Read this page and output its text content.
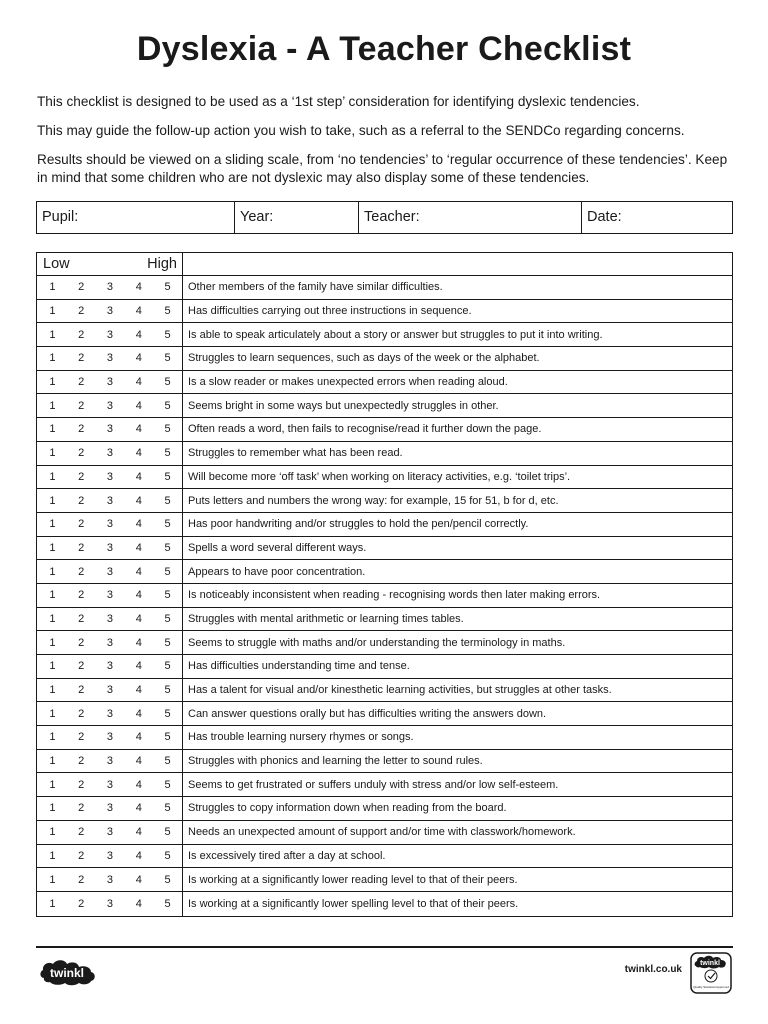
Dyslexia - A Teacher Checklist

This checklist is designed to be used as a ‘1st step’ consideration for identifying dyslexic tendencies.

This may guide the follow-up action you wish to take, such as a referral to the SENDCo regarding concerns.

Results should be viewed on a sliding scale, from ‘no tendencies’ to ‘regular occurrence of these tendencies’. Keep in mind that some children who are not dyslexic may also display some of these tendencies.

Pupil:	Year:	Teacher:	Date:
Low	High
1	2	3	4	5	Other members of the family have similar difficulties.
1	2	3	4	5	Has difficulties carrying out three instructions in sequence.
1	2	3	4	5	Is able to speak articulately about a story or answer but struggles to put it into writing.
1	2	3	4	5	Struggles to learn sequences, such as days of the week or the alphabet.
1	2	3	4	5	Is a slow reader or makes unexpected errors when reading aloud.
1	2	3	4	5	Seems bright in some ways but unexpectedly struggles in other.
1	2	3	4	5	Often reads a word, then fails to recognise/read it further down the page.
1	2	3	4	5	Struggles to remember what has been read.
1	2	3	4	5	Will become more ‘off task’ when working on literacy activities, e.g. ‘toilet trips’.
1	2	3	4	5	Puts letters and numbers the wrong way: for example, 15 for 51, b for d, etc.
1	2	3	4	5	Has poor handwriting and/or struggles to hold the pen/pencil correctly.
1	2	3	4	5	Spells a word several different ways.
1	2	3	4	5	Appears to have poor concentration.
1	2	3	4	5	Is noticeably inconsistent when reading - recognising words then later making errors.
1	2	3	4	5	Struggles with mental arithmetic or learning times tables.
1	2	3	4	5	Seems to struggle with maths and/or understanding the terminology in maths.
1	2	3	4	5	Has difficulties understanding time and tense.
1	2	3	4	5	Has a talent for visual and/or kinesthetic learning activities, but struggles at other tasks.
1	2	3	4	5	Can answer questions orally but has difficulties writing the answers down.
1	2	3	4	5	Has trouble learning nursery rhymes or songs.
1	2	3	4	5	Struggles with phonics and learning the letter to sound rules.
1	2	3	4	5	Seems to get frustrated or suffers unduly with stress and/or low self-esteem.
1	2	3	4	5	Struggles to copy information down when reading from the board.
1	2	3	4	5	Needs an unexpected amount of support and/or time with classwork/homework.
1	2	3	4	5	Is excessively tired after a day at school.
1	2	3	4	5	Is working at a significantly lower reading level to that of their peers.
1	2	3	4	5	Is working at a significantly lower spelling level to that of their peers.
twinkl	twinkl.co.uk
twinkl
Quality Standard Approved
